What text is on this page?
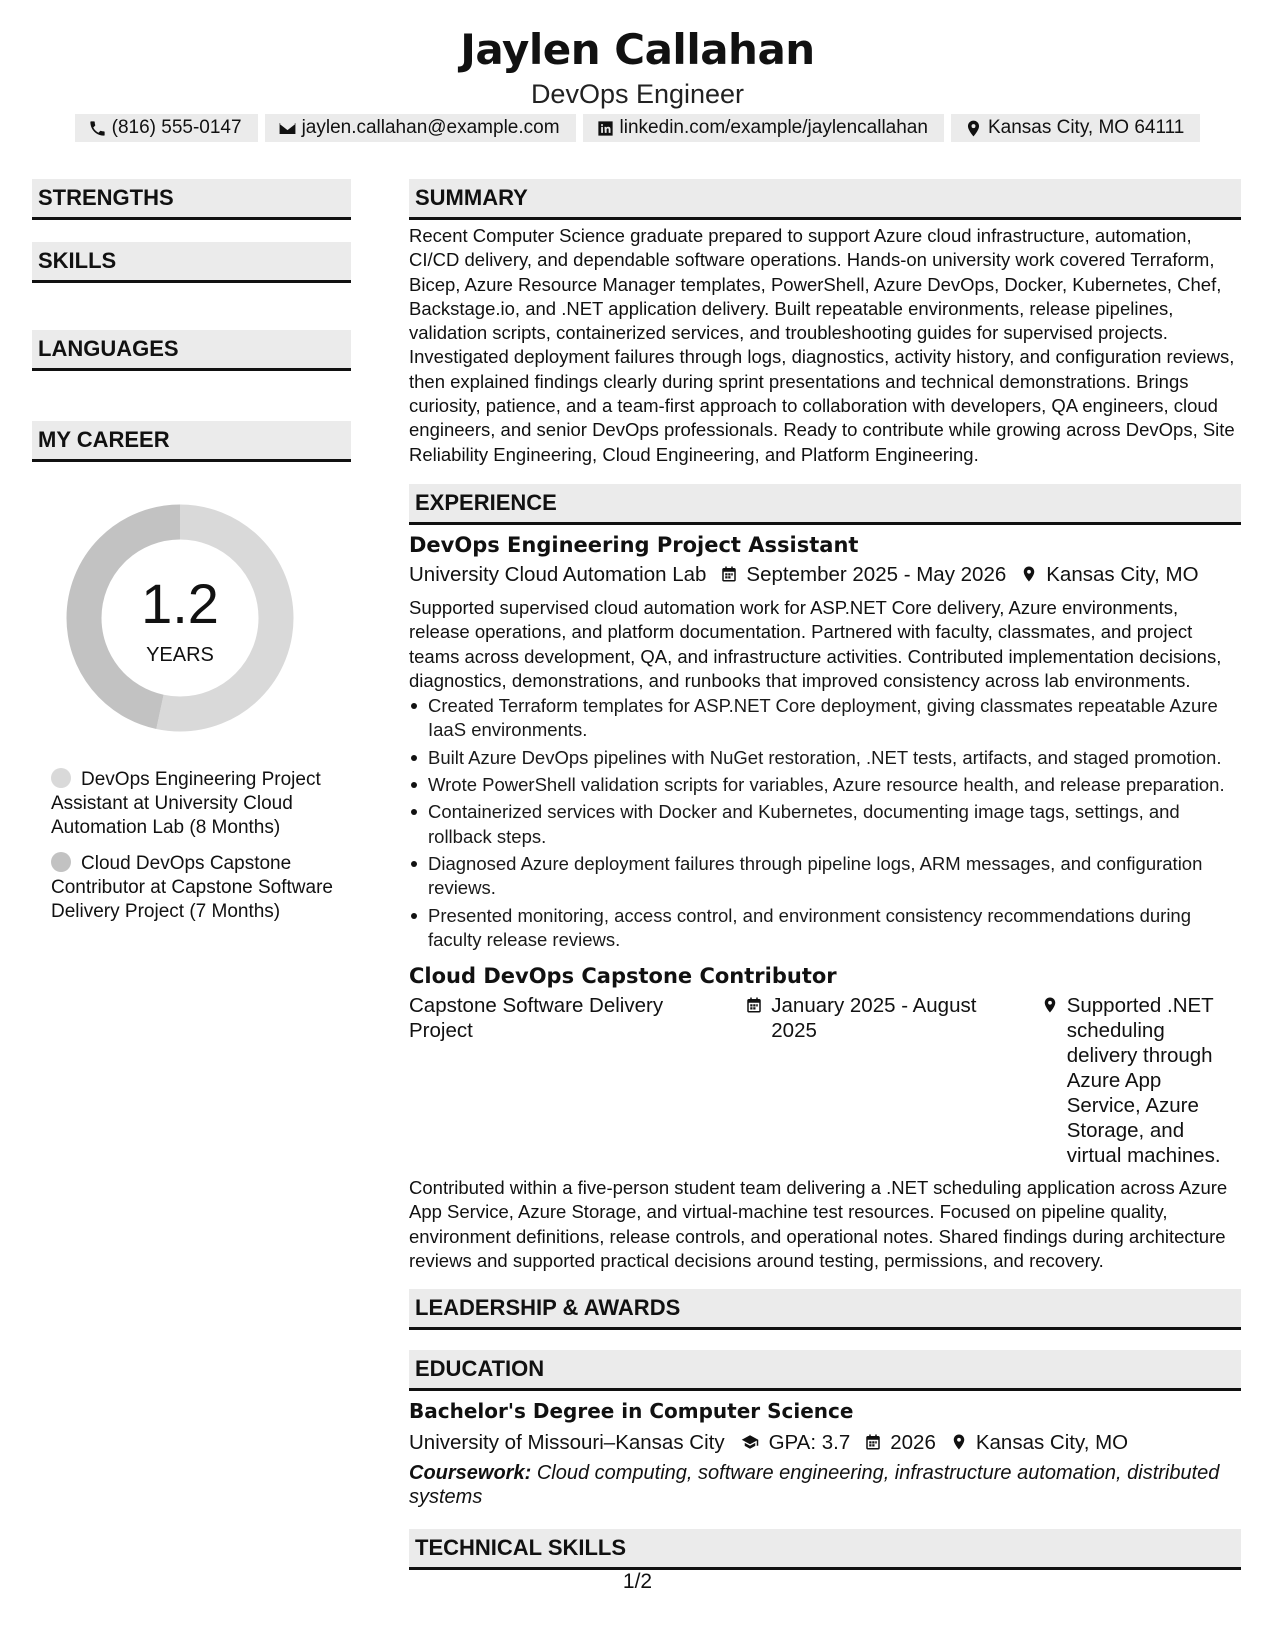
Jaylen Callahan
DevOps Engineer
(816) 555-0147	jaylen.callahan@example.com	linkedin.com/example/jaylencallahan	Kansas City, MO 64111
STRENGTHS
SKILLS
LANGUAGES
MY CAREER
1.2
YEARS
DevOps Engineering Project Assistant at University Cloud Automation Lab (8 Months)
Cloud DevOps Capstone Contributor at Capstone Software Delivery Project (7 Months)
SUMMARY
Recent Computer Science graduate prepared to support Azure cloud infrastructure, automation, CI/CD delivery, and dependable software operations. Hands-on university work covered Terraform, Bicep, Azure Resource Manager templates, PowerShell, Azure DevOps, Docker, Kubernetes, Chef, Backstage.io, and .NET application delivery. Built repeatable environments, release pipelines, validation scripts, containerized services, and troubleshooting guides for supervised projects. Investigated deployment failures through logs, diagnostics, activity history, and configuration reviews, then explained findings clearly during sprint presentations and technical demonstrations. Brings curiosity, patience, and a team-first approach to collaboration with developers, QA engineers, cloud engineers, and senior DevOps professionals. Ready to contribute while growing across DevOps, Site Reliability Engineering, Cloud Engineering, and Platform Engineering.
EXPERIENCE
DevOps Engineering Project Assistant
University Cloud Automation Lab September 2025 - May 2026 Kansas City, MO
Supported supervised cloud automation work for ASP.NET Core delivery, Azure environments, release operations, and platform documentation. Partnered with faculty, classmates, and project teams across development, QA, and infrastructure activities. Contributed implementation decisions, diagnostics, demonstrations, and runbooks that improved consistency across lab environments.
Created Terraform templates for ASP.NET Core deployment, giving classmates repeatable Azure IaaS environments.
Built Azure DevOps pipelines with NuGet restoration, .NET tests, artifacts, and staged promotion.
Wrote PowerShell validation scripts for variables, Azure resource health, and release preparation.
Containerized services with Docker and Kubernetes, documenting image tags, settings, and rollback steps.
Diagnosed Azure deployment failures through pipeline logs, ARM messages, and configuration reviews.
Presented monitoring, access control, and environment consistency recommendations during faculty release reviews.
Cloud DevOps Capstone Contributor
Capstone Software Delivery Project
January 2025 - August 2025
Supported .NET scheduling delivery through Azure App Service, Azure Storage, and virtual machines.
Contributed within a five-person student team delivering a .NET scheduling application across Azure App Service, Azure Storage, and virtual-machine test resources. Focused on pipeline quality, environment definitions, release controls, and operational notes. Shared findings during architecture reviews and supported practical decisions around testing, permissions, and recovery.
LEADERSHIP & AWARDS
EDUCATION
Bachelor's Degree in Computer Science
University of Missouri–Kansas City GPA: 3.7 2026 Kansas City, MO
Coursework: Cloud computing, software engineering, infrastructure automation, distributed systems
TECHNICAL SKILLS
1/2
